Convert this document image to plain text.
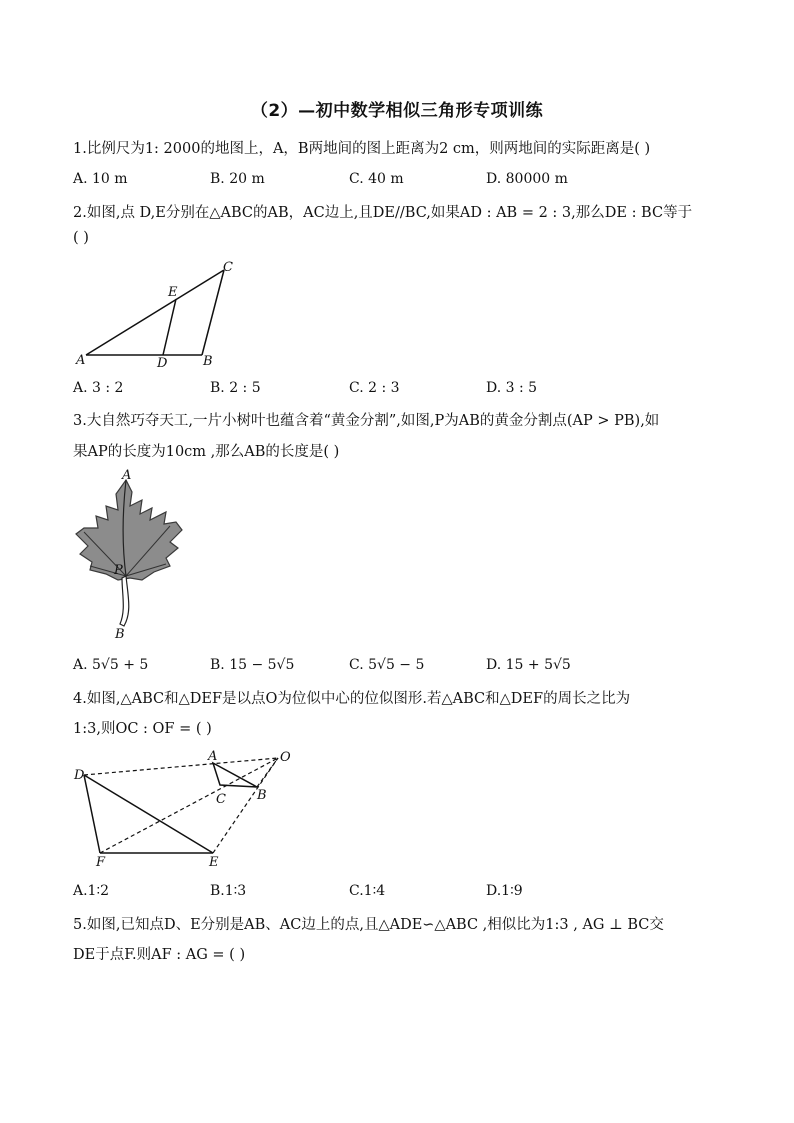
（2）—初中数学相似三角形专项训练
1.比例尺为1: 2000的地图上，A，B两地间的图上距离为2 cm，则两地间的实际距离是( )
A. 10 m	B. 20 m	C. 40 m	D. 80000 m
2.如图,点 D,E分别在△ABC的AB，AC边上,且DE//BC,如果AD : AB = 2 : 3,那么DE : BC等于
( )
A	D	B
E
C
A. 3 : 2	B. 2 : 5	C. 2 : 3	D. 3 : 5
3.大自然巧夺天工,一片小树叶也蕴含着“黄金分割”,如图,P为AB的黄金分割点(AP > PB),如
果AP的长度为10cm ,那么AB的长度是( )
A
P
B
A. 5√5 + 5	B. 15 − 5√5	C. 5√5 − 5	D. 15 + 5√5
4.如图,△ABC和△DEF是以点O为位似中心的位似图形.若△ABC和△DEF的周长之比为
1:3,则OC : OF = ( )
D
A
C B
O
F	E
A.1∶2	B.1∶3	C.1∶4	D.1∶9
5.如图,已知点D、E分别是AB、AC边上的点,且△ADE∽△ABC ,相似比为1:3 , AG ⊥ BC交
DE于点F.则AF : AG = ( )
